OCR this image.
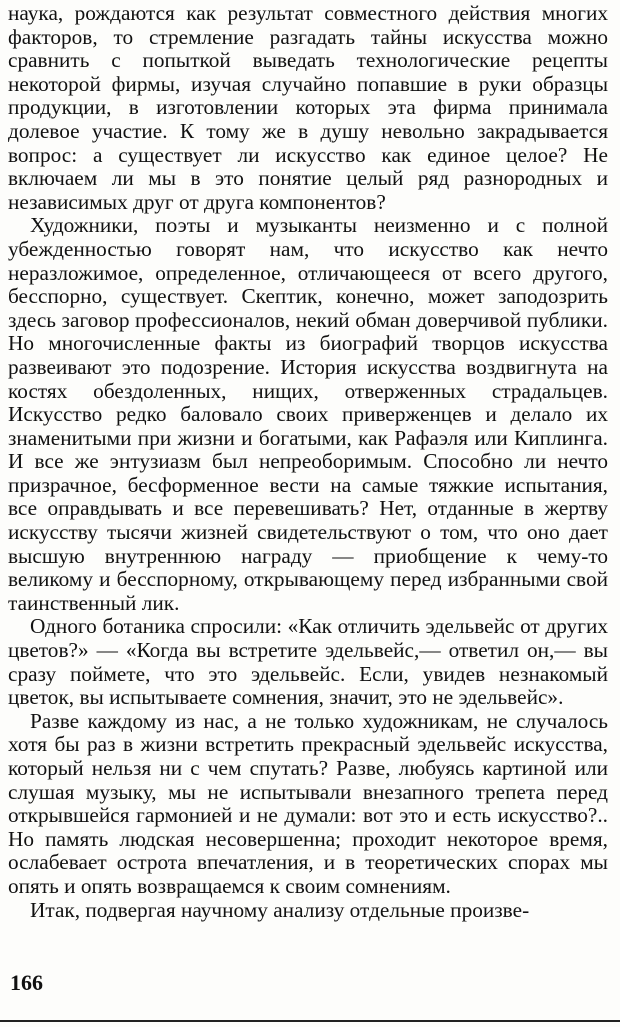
наука, рождаются как результат совместного действия многих факторов, то стремление разгадать тайны искусства можно сравнить с попыткой выведать технологические рецепты некоторой фирмы, изучая случайно попавшие в руки образцы продукции, в изготовлении которых эта фирма принимала долевое участие. К тому же в душу невольно закрадывается вопрос: а существует ли искусство как единое целое? Не включаем ли мы в это понятие целый ряд разнородных и независимых друг от друга компонентов?

Художники, поэты и музыканты неизменно и с полной убежденностью говорят нам, что искусство как нечто неразложимое, определенное, отличающееся от всего другого, бесспорно, существует. Скептик, конечно, может заподозрить здесь заговор профессионалов, некий обман доверчивой публики. Но многочисленные факты из биографий творцов искусства развеивают это подозрение. История искусства воздвигнута на костях обездоленных, нищих, отверженных страдальцев. Искусство редко баловало своих приверженцев и делало их знаменитыми при жизни и богатыми, как Рафаэля или Киплинга. И все же энтузиазм был непреоборимым. Способно ли нечто призрачное, бесформенное вести на самые тяжкие испытания, все оправдывать и все перевешивать? Нет, отданные в жертву искусству тысячи жизней свидетельствуют о том, что оно дает высшую внутреннюю награду — приобщение к чему-то великому и бесспорному, открывающему перед избранными свой таинственный лик.

Одного ботаника спросили: «Как отличить эдельвейс от других цветов?» — «Когда вы встретите эдельвейс,— ответил он,— вы сразу поймете, что это эдельвейс. Если, увидев незнакомый цветок, вы испытываете сомнения, значит, это не эдельвейс».

Разве каждому из нас, а не только художникам, не случалось хотя бы раз в жизни встретить прекрасный эдельвейс искусства, который нельзя ни с чем спутать? Разве, любуясь картиной или слушая музыку, мы не испытывали внезапного трепета перед открывшейся гармонией и не думали: вот это и есть искусство?.. Но память людская несовершенна; проходит некоторое время, ослабевает острота впечатления, и в теоретических спорах мы опять и опять возвращаемся к своим сомнениям.

Итак, подвергая научному анализу отдельные произве-

166
